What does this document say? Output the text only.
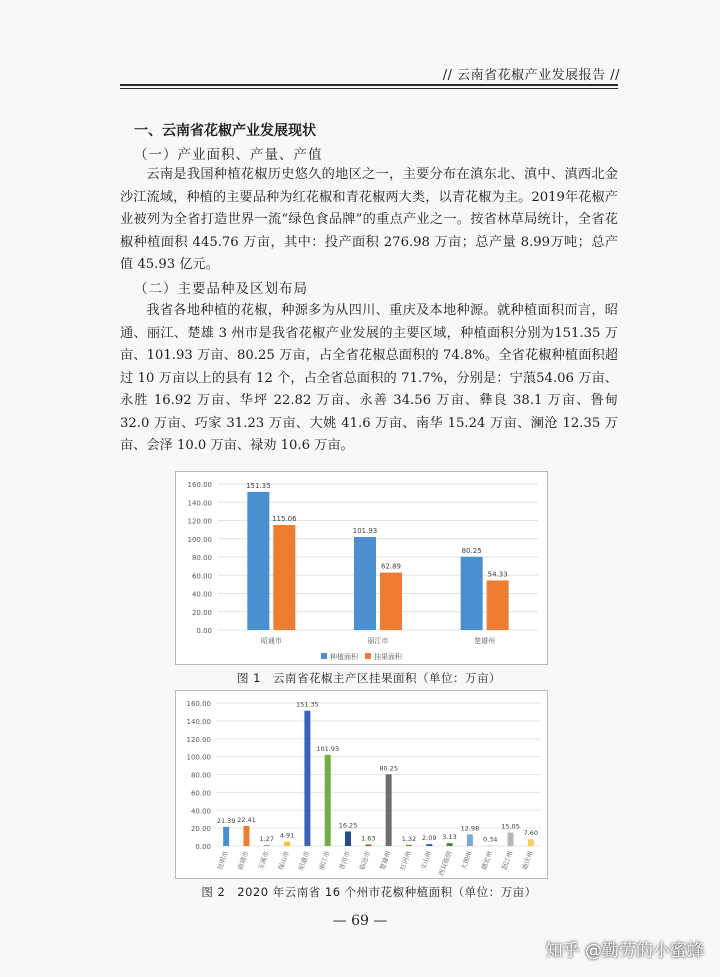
// 云南省花椒产业发展报告 //
一、云南省花椒产业发展现状
（一）产业面积、产量、产值

云南是我国种植花椒历史悠久的地区之一，主要分布在滇东北、滇中、滇西北金沙江流域，种植的主要品种为红花椒和青花椒两大类，以青花椒为主。2019年花椒产业被列为全省打造世界一流“绿色食品牌”的重点产业之一。按省林草局统计，全省花椒种植面积 445.76 万亩，其中：投产面积 276.98 万亩；总产量 8.99万吨；总产值 45.93 亿元。

（二）主要品种及区划布局

我省各地种植的花椒，种源多为从四川、重庆及本地种源。就种植面积而言，昭通、丽江、楚雄 3 州市是我省花椒产业发展的主要区域，种植面积分别为151.35 万亩、101.93 万亩、80.25 万亩，占全省花椒总面积的 74.8%。全省花椒种植面积超过 10 万亩以上的县有 12 个，占全省总面积的 71.7%，分别是：宁蒗54.06 万亩、永胜 16.92 万亩、华坪 22.82 万亩、永善 34.56 万亩、彝良 38.1 万亩、鲁甸 32.0 万亩、巧家 31.23 万亩、大姚 41.6 万亩、南华 15.24 万亩、澜沧 12.35 万亩、会泽 10.0 万亩、禄劝 10.6 万亩。

0.00
20.00
40.00
60.00
80.00
100.00
120.00
140.00
160.00	151.35
115.06
昭通市
101.93
62.89
丽江市
80.25
54.33
楚雄州
种植面积 挂果面积
图 1　云南省花椒主产区挂果面积（单位：万亩）
0.00
20.00
40.00
60.00
80.00
100.00
120.00
140.00
160.00
21.39
昆明市
22.41
曲靖市
1.27
玉溪市
4.91
保山市
151.35
昭通市
101.93
丽江市
16.25
普洱市
1.63
临沧市
80.25
楚雄州
1.32
红河州
2.09
文山州
3.13
西双版纳
12.98
大理州
0.34
德宏州
15.05
怒江州
7.60
迪庆州
图 2　2020 年云南省 16 个州市花椒种植面积（单位：万亩）
— 69 —
知乎 @勤劳的小蜜蜂
